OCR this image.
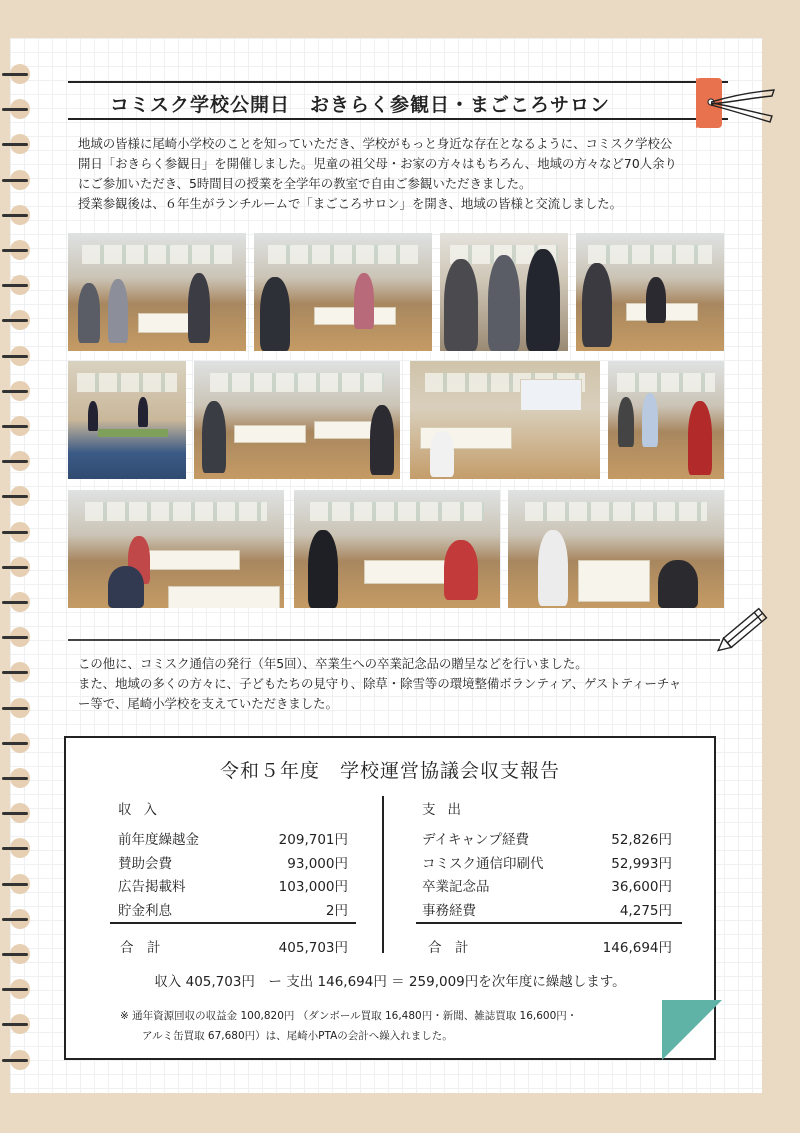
コミスク学校公開日　おきらく参観日・まごころサロン

地域の皆様に尾崎小学校のことを知っていただき、学校がもっと身近な存在となるように、コミスク学校公

開日「おきらく参観日」を開催しました。児童の祖父母・お家の方々はもちろん、地域の方々など70人余り

にご参加いただき、5時間目の授業を全学年の教室で自由ご参観いただきました。

授業参観後は、６年生がランチルームで「まごころサロン」を開き、地域の皆様と交流しました。

この他に、コミスク通信の発行（年5回）、卒業生への卒業記念品の贈呈などを行いました。

また、地域の多くの方々に、子どもたちの見守り、除草・除雪等の環境整備ボランティア、ゲストティーチャ

ー等で、尾崎小学校を支えていただきました。

令和５年度　学校運営協議会収支報告
収入
前年度繰越金	209,701円
賛助会費	93,000円
広告掲載料	103,000円
貯金利息	2円
合　計	405,703円
支出
デイキャンプ経費	52,826円
コミスク通信印刷代	52,993円
卒業記念品	36,600円
事務経費	4,275円
合　計	146,694円
収入 405,703円　ー 支出 146,694円 ＝ 259,009円を次年度に繰越します。

※ 通年資源回収の収益金 100,820円 （ダンボール買取 16,480円・新聞、雑誌買取 16,600円・

アルミ缶買取 67,680円）は、尾崎小PTAの会計へ繰入れました。
